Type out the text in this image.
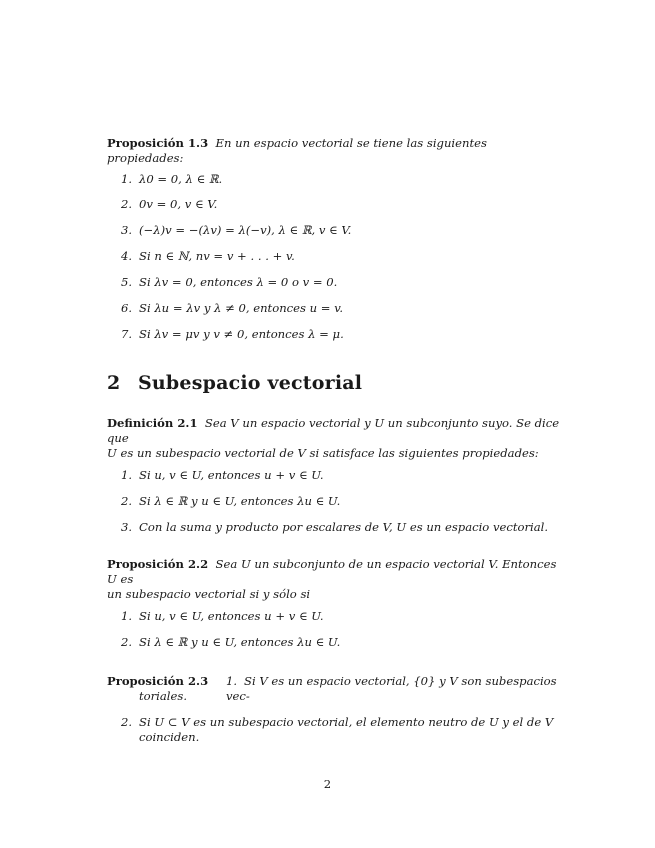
Proposición 1.3 En un espacio vectorial se tiene las siguientes propiedades:
1. λ0 = 0, λ ∈ ℝ.
2. 0v = 0, v ∈ V.
3. (−λ)v = −(λv) = λ(−v), λ ∈ ℝ, v ∈ V.
4. Si n ∈ ℕ, nv = v + . . . + v.
5. Si λv = 0, entonces λ = 0 o v = 0.
6. Si λu = λv y λ ≠ 0, entonces u = v.
7. Si λv = μv y v ≠ 0, entonces λ = μ.
2 Subespacio vectorial
Definición 2.1 Sea V un espacio vectorial y U un subconjunto suyo. Se dice que
U es un subespacio vectorial de V si satisface las siguientes propiedades:
1. Si u, v ∈ U, entonces u + v ∈ U.
2. Si λ ∈ ℝ y u ∈ U, entonces λu ∈ U.
3. Con la suma y producto por escalares de V, U es un espacio vectorial.
Proposición 2.2 Sea U un subconjunto de un espacio vectorial V. Entonces U es
un subespacio vectorial si y sólo si
1. Si u, v ∈ U, entonces u + v ∈ U.
2. Si λ ∈ ℝ y u ∈ U, entonces λu ∈ U.
Proposición 2.3 1. Si V es un espacio vectorial, {0} y V son subespacios vec-
toriales.
2. Si U ⊂ V es un subespacio vectorial, el elemento neutro de U y el de V
coinciden.
2
